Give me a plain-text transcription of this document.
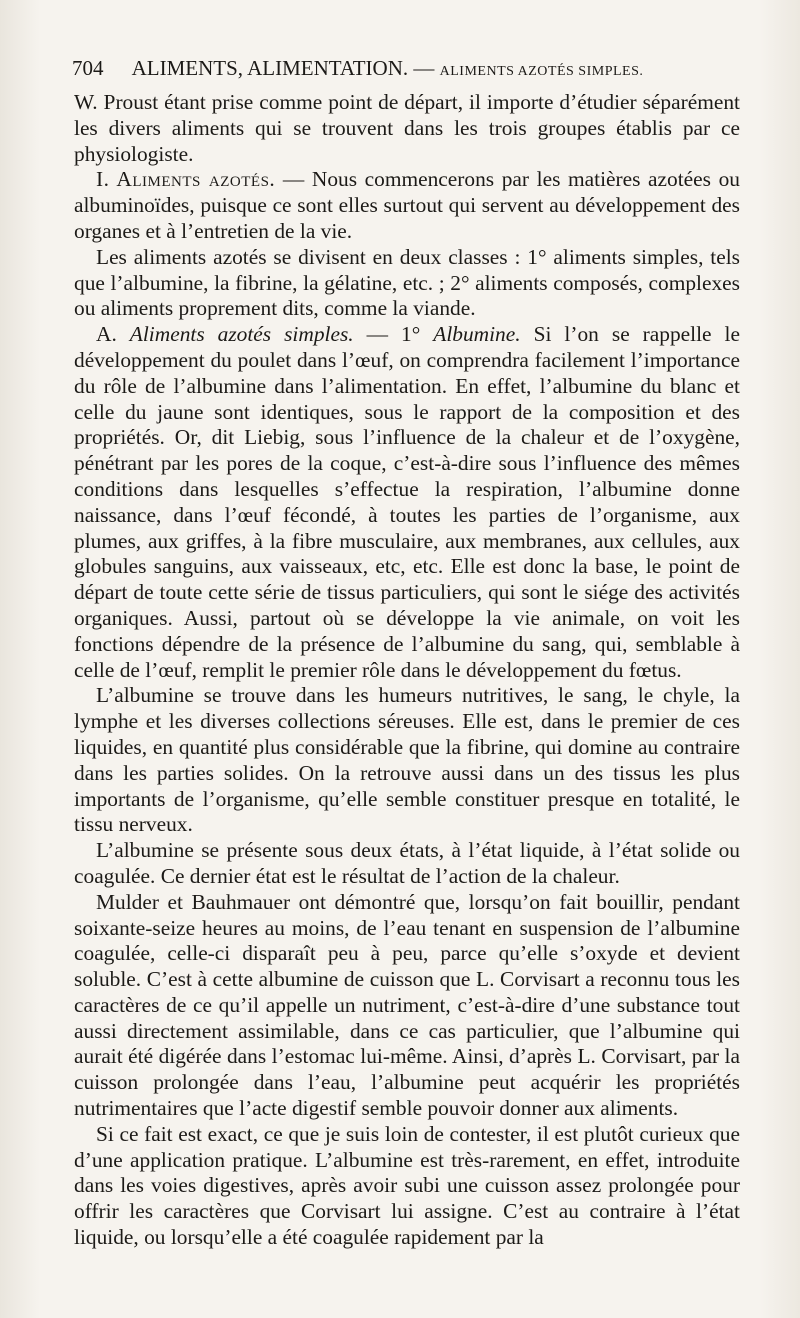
704 ALIMENTS, ALIMENTATION. — ALIMENTS AZOTÉS SIMPLES.

W. Proust étant prise comme point de départ, il importe d’étudier séparément les divers aliments qui se trouvent dans les trois groupes établis par ce physiologiste.

I. Aliments azotés. — Nous commencerons par les matières azotées ou albuminoïdes, puisque ce sont elles surtout qui servent au développement des organes et à l’entretien de la vie.

Les aliments azotés se divisent en deux classes : 1° aliments simples, tels que l’albumine, la fibrine, la gélatine, etc. ; 2° aliments composés, complexes ou aliments proprement dits, comme la viande.

A. Aliments azotés simples. — 1° Albumine. Si l’on se rappelle le développement du poulet dans l’œuf, on comprendra facilement l’importance du rôle de l’albumine dans l’alimentation. En effet, l’albumine du blanc et celle du jaune sont identiques, sous le rapport de la composition et des propriétés. Or, dit Liebig, sous l’influence de la chaleur et de l’oxygène, pénétrant par les pores de la coque, c’est-à-dire sous l’influence des mêmes conditions dans lesquelles s’effectue la respiration, l’albumine donne naissance, dans l’œuf fécondé, à toutes les parties de l’organisme, aux plumes, aux griffes, à la fibre musculaire, aux membranes, aux cellules, aux globules sanguins, aux vaisseaux, etc, etc. Elle est donc la base, le point de départ de toute cette série de tissus particuliers, qui sont le siége des activités organiques. Aussi, partout où se développe la vie animale, on voit les fonctions dépendre de la présence de l’albumine du sang, qui, semblable à celle de l’œuf, remplit le premier rôle dans le développement du fœtus.

L’albumine se trouve dans les humeurs nutritives, le sang, le chyle, la lymphe et les diverses collections séreuses. Elle est, dans le premier de ces liquides, en quantité plus considérable que la fibrine, qui domine au contraire dans les parties solides. On la retrouve aussi dans un des tissus les plus importants de l’organisme, qu’elle semble constituer presque en totalité, le tissu nerveux.

L’albumine se présente sous deux états, à l’état liquide, à l’état solide ou coagulée. Ce dernier état est le résultat de l’action de la chaleur.

Mulder et Bauhmauer ont démontré que, lorsqu’on fait bouillir, pendant soixante-seize heures au moins, de l’eau tenant en suspension de l’albumine coagulée, celle-ci disparaît peu à peu, parce qu’elle s’oxyde et devient soluble. C’est à cette albumine de cuisson que L. Corvisart a reconnu tous les caractères de ce qu’il appelle un nutriment, c’est-à-dire d’une substance tout aussi directement assimilable, dans ce cas particulier, que l’albumine qui aurait été digérée dans l’estomac lui-même. Ainsi, d’après L. Corvisart, par la cuisson prolongée dans l’eau, l’albumine peut acquérir les propriétés nutrimentaires que l’acte digestif semble pouvoir donner aux aliments.

Si ce fait est exact, ce que je suis loin de contester, il est plutôt curieux que d’une application pratique. L’albumine est très-rarement, en effet, introduite dans les voies digestives, après avoir subi une cuisson assez prolongée pour offrir les caractères que Corvisart lui assigne. C’est au contraire à l’état liquide, ou lorsqu’elle a été coagulée rapidement par la
